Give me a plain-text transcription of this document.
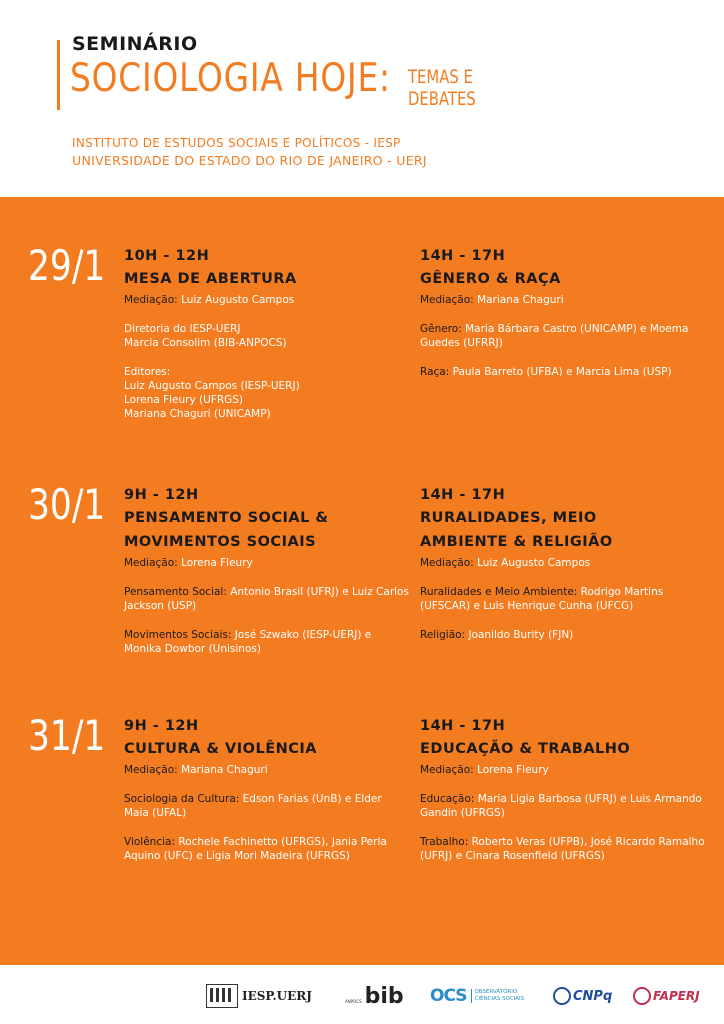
SEMINÁRIO
SOCIOLOGIA HOJE: TEMAS E
DEBATES
INSTITUTO DE ESTUDOS SOCIAIS E POLÍTICOS - IESP
UNIVERSIDADE DO ESTADO DO RIO DE JANEIRO - UERJ
29/1 10H - 12H
MESA DE ABERTURA
Mediação: Luiz Augusto Campos
Diretoria do IESP-UERJ
Marcia Consolim (BIB-ANPOCS)
Editores:
Luiz Augusto Campos (IESP-UERJ)
Lorena Fleury (UFRGS)
Mariana Chaguri (UNICAMP)
14H - 17H
GÊNERO & RAÇA
Mediação: Mariana Chaguri
Gênero: Maria Bárbara Castro (UNICAMP) e Moema Guedes (UFRRJ)
Raça: Paula Barreto (UFBA) e Marcia Lima (USP)
30/1 9H - 12H
PENSAMENTO SOCIAL &
MOVIMENTOS SOCIAIS
Mediação: Lorena Fleury
Pensamento Social: Antonio Brasil (UFRJ) e Luiz Carlos Jackson (USP)
Movimentos Sociais: José Szwako (IESP-UERJ) e Monika Dowbor (Unisinos)
14H - 17H
RURALIDADES, MEIO
AMBIENTE & RELIGIÃO
Mediação: Luiz Augusto Campos
Ruralidades e Meio Ambiente: Rodrigo Martins (UFSCAR) e Luis Henrique Cunha (UFCG)
Religião: Joanildo Burity (FJN)
31/1 9H - 12H
CULTURA & VIOLÊNCIA
Mediação: Mariana Chaguri
Sociologia da Cultura: Edson Farias (UnB) e Elder Maia (UFAL)
Violência: Rochele Fachinetto (UFRGS), Jania Perla Aquino (UFC) e Ligia Mori Madeira (UFRGS)
14H - 17H
EDUCAÇÃO & TRABALHO
Mediação: Lorena Fleury
Educação: Maria Ligia Barbosa (UFRJ) e Luis Armando Gandin (UFRGS)
Trabalho: Roberto Veras (UFPB), José Ricardo Ramalho (UFRJ) e Cinara Rosenfield (UFRGS)
IESP.UERJ	ANPOCS bib OCS OBSERVATÓRIO
CIÊNCIAS SOCIAIS	CNPq	FAPERJ
